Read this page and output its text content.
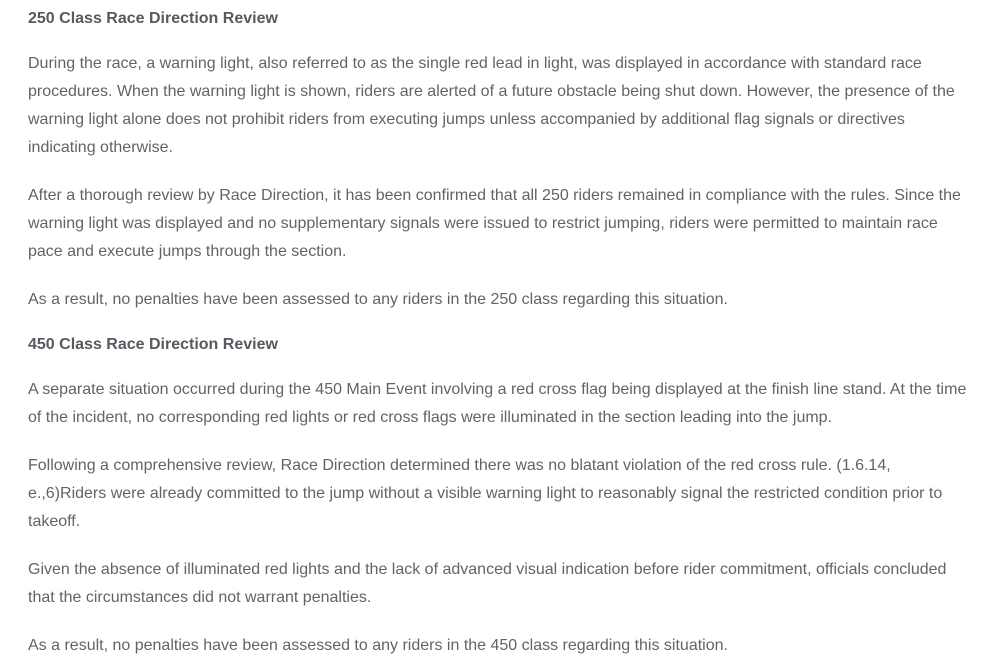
250 Class Race Direction Review

During the race, a warning light, also referred to as the single red lead in light, was displayed in accordance with standard race procedures. When the warning light is shown, riders are alerted of a future obstacle being shut down. However, the presence of the warning light alone does not prohibit riders from executing jumps unless accompanied by additional flag signals or directives indicating otherwise.

After a thorough review by Race Direction, it has been confirmed that all 250 riders remained in compliance with the rules. Since the warning light was displayed and no supplementary signals were issued to restrict jumping, riders were permitted to maintain race pace and execute jumps through the section.

As a result, no penalties have been assessed to any riders in the 250 class regarding this situation.

450 Class Race Direction Review

A separate situation occurred during the 450 Main Event involving a red cross flag being displayed at the finish line stand. At the time of the incident, no corresponding red lights or red cross flags were illuminated in the section leading into the jump.

Following a comprehensive review, Race Direction determined there was no blatant violation of the red cross rule. (1.6.14, e.,6)Riders were already committed to the jump without a visible warning light to reasonably signal the restricted condition prior to takeoff.

Given the absence of illuminated red lights and the lack of advanced visual indication before rider commitment, officials concluded that the circumstances did not warrant penalties.

As a result, no penalties have been assessed to any riders in the 450 class regarding this situation.
